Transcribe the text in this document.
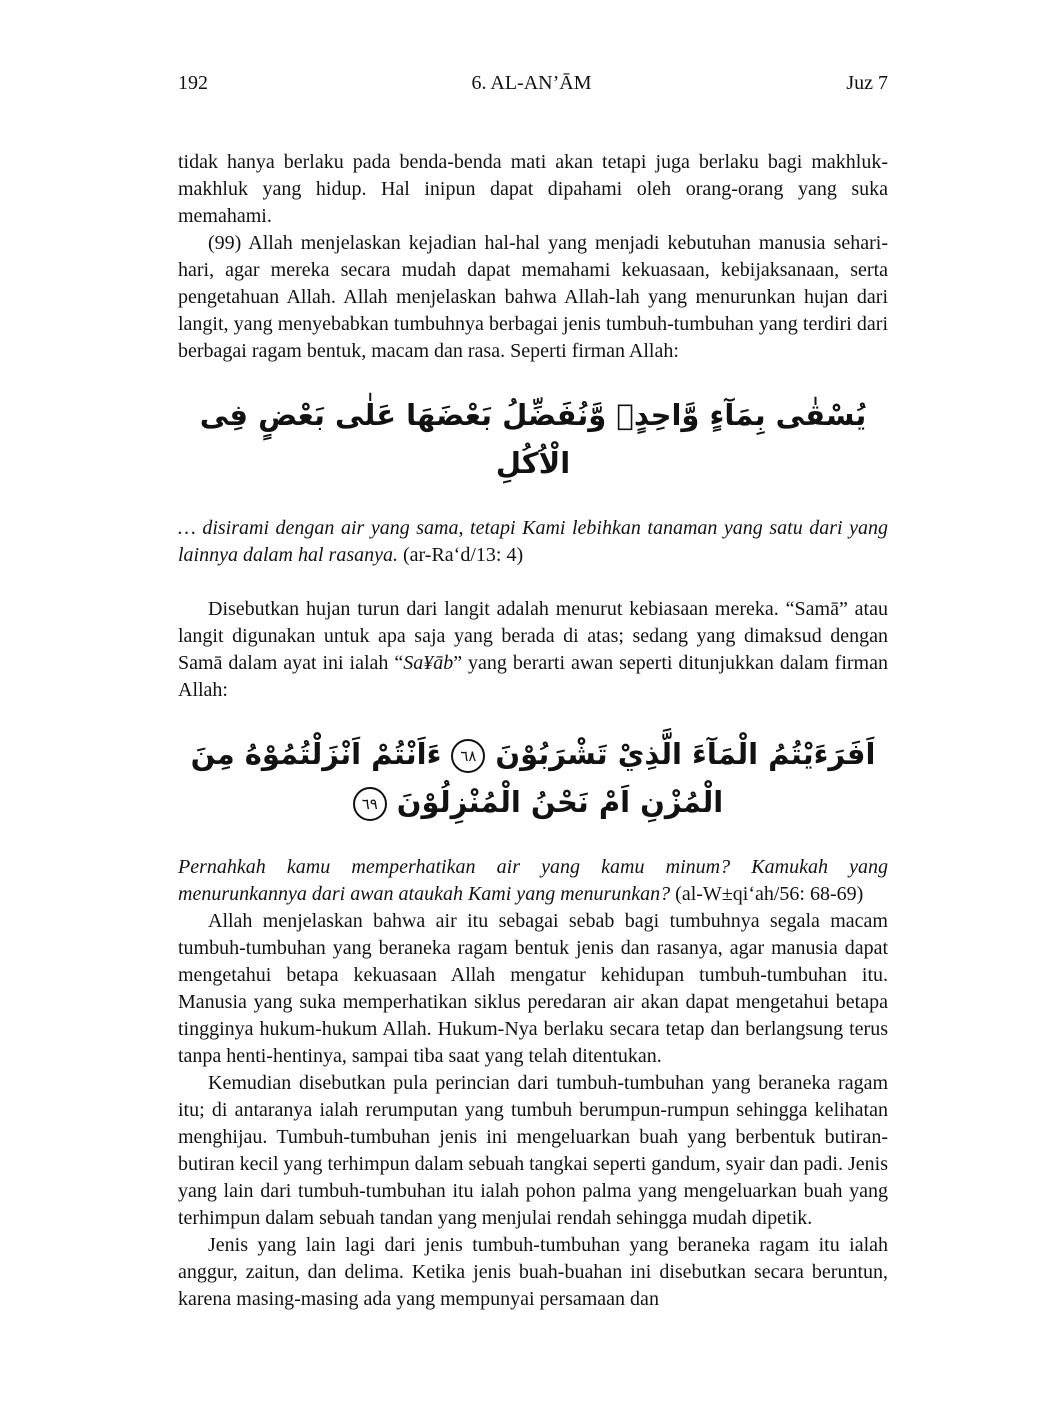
192	6. AL-AN’ĀM	Juz 7

tidak hanya berlaku pada benda-benda mati akan tetapi juga berlaku bagi makhluk-makhluk yang hidup. Hal inipun dapat dipahami oleh orang-orang yang suka memahami.

(99) Allah menjelaskan kejadian hal-hal yang menjadi kebutuhan manusia sehari-hari, agar mereka secara mudah dapat memahami kekuasaan, kebijaksanaan, serta pengetahuan Allah. Allah menjelaskan bahwa Allah-lah yang menurunkan hujan dari langit, yang menyebabkan tumbuhnya berbagai jenis tumbuh-tumbuhan yang terdiri dari berbagai ragam bentuk, macam dan rasa. Seperti firman Allah:

يُسْقٰى بِمَآءٍ وَّاحِدٍۙ وَّنُفَضِّلُ بَعْضَهَا عَلٰى بَعْضٍ فِى الْاُكُلِ

… disirami dengan air yang sama, tetapi Kami lebihkan tanaman yang satu dari yang lainnya dalam hal rasanya. (ar-Ra‘d/13: 4)

Disebutkan hujan turun dari langit adalah menurut kebiasaan mereka. “Samā” atau langit digunakan untuk apa saja yang berada di atas; sedang yang dimaksud dengan Samā dalam ayat ini ialah “Sa¥āb” yang berarti awan seperti ditunjukkan dalam firman Allah:

اَفَرَءَيْتُمُ الْمَآءَ الَّذِيْ تَشْرَبُوْنَ٦٨ءَاَنْتُمْ اَنْزَلْتُمُوْهُ مِنَ الْمُزْنِ اَمْ نَحْنُ الْمُنْزِلُوْنَ٦٩

Pernahkah kamu memperhatikan air yang kamu minum? Kamukah yang menurunkannya dari awan ataukah Kami yang menurunkan? (al-W±qi‘ah/56: 68-69)

Allah menjelaskan bahwa air itu sebagai sebab bagi tumbuhnya segala macam tumbuh-tumbuhan yang beraneka ragam bentuk jenis dan rasanya, agar manusia dapat mengetahui betapa kekuasaan Allah mengatur kehidupan tumbuh-tumbuhan itu. Manusia yang suka memperhatikan siklus peredaran air akan dapat mengetahui betapa tingginya hukum-hukum Allah. Hukum-Nya berlaku secara tetap dan berlangsung terus tanpa henti-hentinya, sampai tiba saat yang telah ditentukan.

Kemudian disebutkan pula perincian dari tumbuh-tumbuhan yang beraneka ragam itu; di antaranya ialah rerumputan yang tumbuh berumpun-rumpun sehingga kelihatan menghijau. Tumbuh-tumbuhan jenis ini mengeluarkan buah yang berbentuk butiran-butiran kecil yang terhimpun dalam sebuah tangkai seperti gandum, syair dan padi. Jenis yang lain dari tumbuh-tumbuhan itu ialah pohon palma yang mengeluarkan buah yang terhimpun dalam sebuah tandan yang menjulai rendah sehingga mudah dipetik.

Jenis yang lain lagi dari jenis tumbuh-tumbuhan yang beraneka ragam itu ialah anggur, zaitun, dan delima. Ketika jenis buah-buahan ini disebutkan secara beruntun, karena masing-masing ada yang mempunyai persamaan dan
